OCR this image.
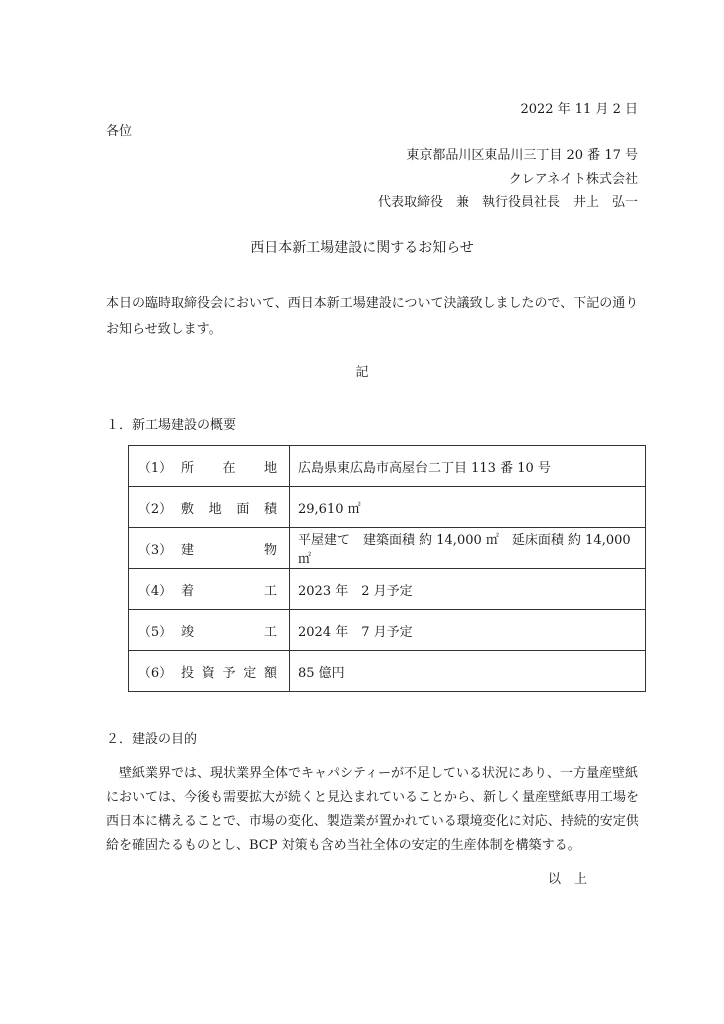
2022 年 11 月 2 日
各位
東京都品川区東品川三丁目 20 番 17 号
クレアネイト株式会社
代表取締役　兼　執行役員社長　井上　弘一
西日本新工場建設に関するお知らせ
本日の臨時取締役会において、西日本新工場建設について決議致しましたので、下記の通りお知らせ致します。
記
１．新工場建設の概要
（1） 所在地	広島県東広島市高屋台二丁目 113 番 10 号
（2） 敷地面積	29,610 ㎡
（3） 建物	平屋建て　建築面積 約 14,000 ㎡　延床面積 約 14,000 ㎡
（4） 着工	2023 年　2 月予定
（5） 竣工	2024 年　7 月予定
（6） 投資予定額	85 億円
２．建設の目的

壁紙業界では、現状業界全体でキャパシティーが不足している状況にあり、一方量産壁紙においては、今後も需要拡大が続くと見込まれていることから、新しく量産壁紙専用工場を西日本に構えることで、市場の変化、製造業が置かれている環境変化に対応、持続的安定供給を確固たるものとし、BCP 対策も含め当社全体の安定的生産体制を構築する。

以　上
